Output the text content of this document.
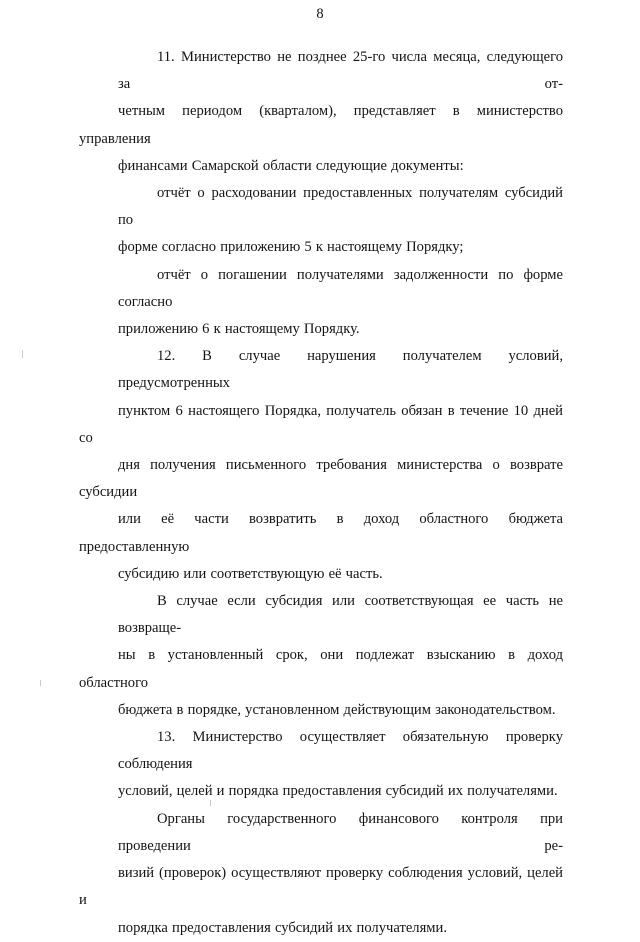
8

11. Министерство не позднее 25-го числа месяца, следующего за от-
четным периодом (кварталом), представляет в министерство управления
финансами Самарской области следующие документы:

отчёт о расходовании предоставленных получателям субсидий по
форме согласно приложению 5 к настоящему Порядку;

отчёт о погашении получателями задолженности по форме согласно
приложению 6 к настоящему Порядку.

12. В случае нарушения получателем условий, предусмотренных
пунктом 6 настоящего Порядка, получатель обязан в течение 10 дней со
дня получения письменного требования министерства о возврате субсидии
или её части возвратить в доход областного бюджета предоставленную
субсидию или соответствующую её часть.

В случае если субсидия или соответствующая ее часть не возвраще-
ны в установленный срок, они подлежат взысканию в доход областного
бюджета в порядке, установленном действующим законодательством.

13. Министерство осуществляет обязательную проверку соблюдения
условий, целей и порядка предоставления субсидий их получателями.

Органы государственного финансового контроля при проведении ре-
визий (проверок) осуществляют проверку соблюдения условий, целей и
порядка предоставления субсидий их получателями.
